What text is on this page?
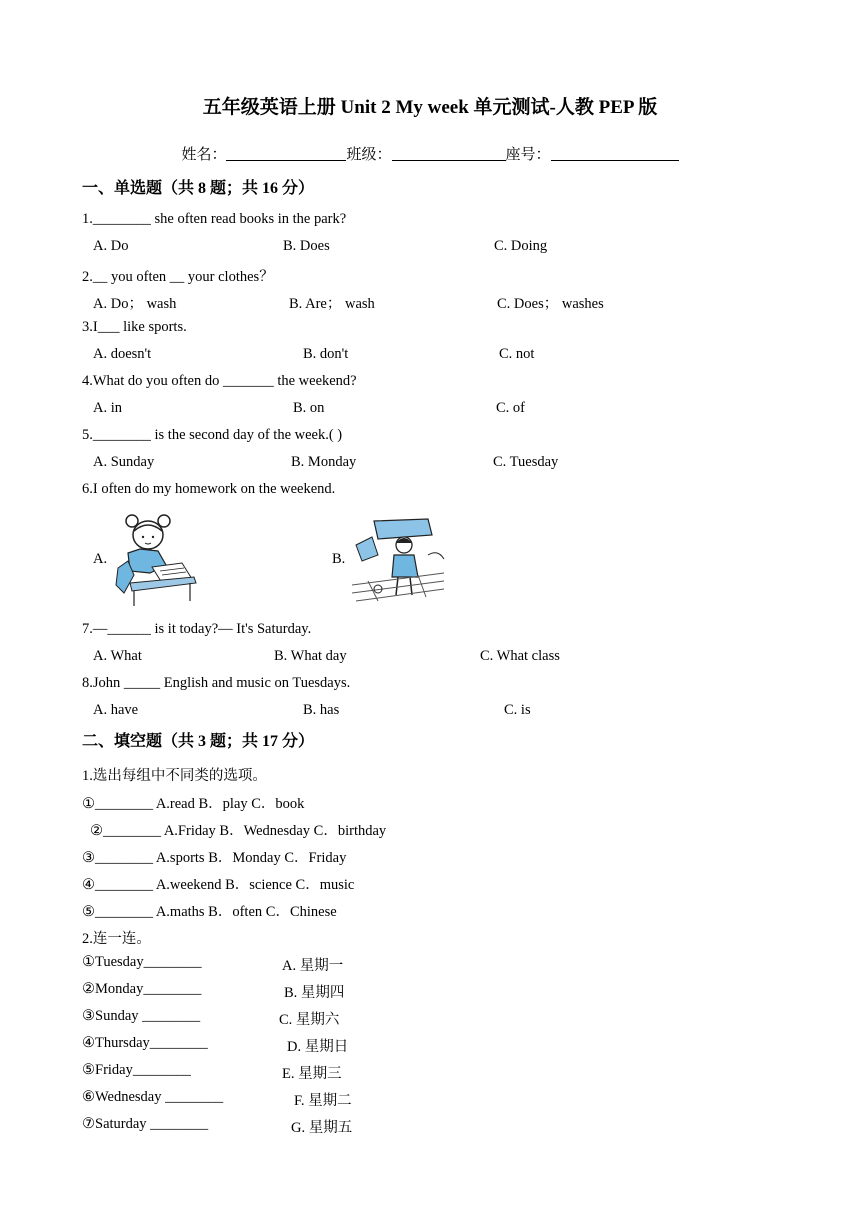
五年级英语上册 Unit 2 My week 单元测试-人教 PEP 版
姓名：	班级：	座号：
一、单选题（共 8 题；共 16 分）
1.________ she often read books in the park?
A. Do	B. Does	C. Doing
2.__ you often __ your clothes？
A. Do； wash	B. Are； wash	C. Does； washes
3.I___ like sports.
A. doesn't	B. don't	C. not
4.What do you often do _______ the weekend?
A. in	B. on	C. of
5.________ is the second day of the week.( )
A. Sunday	B. Monday	C. Tuesday
6.I often do my homework on the weekend.
A.	B.
7.—______ is it today?— It's Saturday.
A. What	B. What day	C. What class
8.John _____ English and music on Tuesdays.
A. have	B. has	C. is
二、填空题（共 3 题；共 17 分）
1.选出每组中不同类的选项。
①________ A.read B．play C．book
②________ A.Friday B．Wednesday C．birthday
③________ A.sports B．Monday C．Friday
④________ A.weekend B．science C．music
⑤________ A.maths B．often C．Chinese
2.连一连。
①Tuesday________	A. 星期一
②Monday________	B. 星期四
③Sunday ________	C. 星期六
④Thursday________	D. 星期日
⑤Friday________	E. 星期三
⑥Wednesday ________	F. 星期二
⑦Saturday ________	G. 星期五
